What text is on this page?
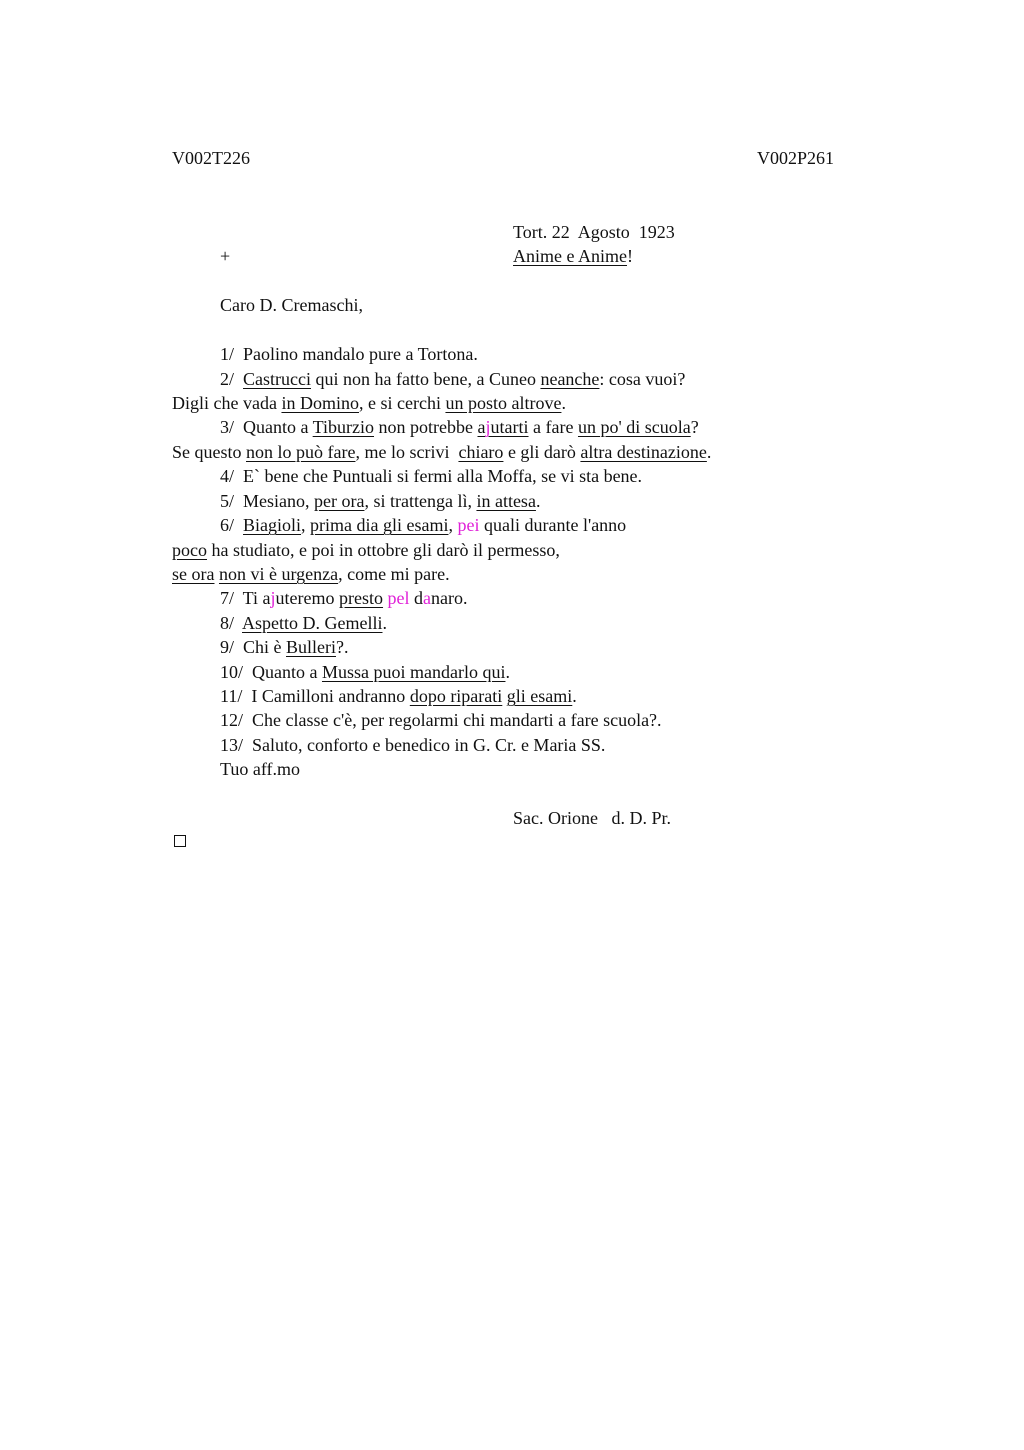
V002T226	V002P261
Tort. 22  Agosto  1923
+	Anime e Anime!
Caro D. Cremaschi,
1/  Paolino mandalo pure a Tortona.
2/  Castrucci qui non ha fatto bene, a Cuneo neanche: cosa vuoi?
Digli che vada in Domino, e si cerchi un posto altrove.
3/  Quanto a Tiburzio non potrebbe ajutarti a fare un po' di scuola?
Se questo non lo può fare, me lo scrivi  chiaro e gli darò altra destinazione.
4/  E` bene che Puntuali si fermi alla Moffa, se vi sta bene.
5/  Mesiano, per ora, si trattenga lì, in attesa.
6/  Biagioli, prima dia gli esami, pei quali durante l'anno
poco ha studiato, e poi in ottobre gli darò il permesso,
se ora non vi è urgenza, come mi pare.
7/  Ti ajuteremo presto pel danaro.
8/  Aspetto D. Gemelli.
9/  Chi è Bulleri?.
10/  Quanto a Mussa puoi mandarlo qui.
11/  I Camilloni andranno dopo riparati gli esami.
12/  Che classe c'è, per regolarmi chi mandarti a fare scuola?.
13/  Saluto, conforto e benedico in G. Cr. e Maria SS.
Tuo aff.mo
Sac. Orione   d. D. Pr.
